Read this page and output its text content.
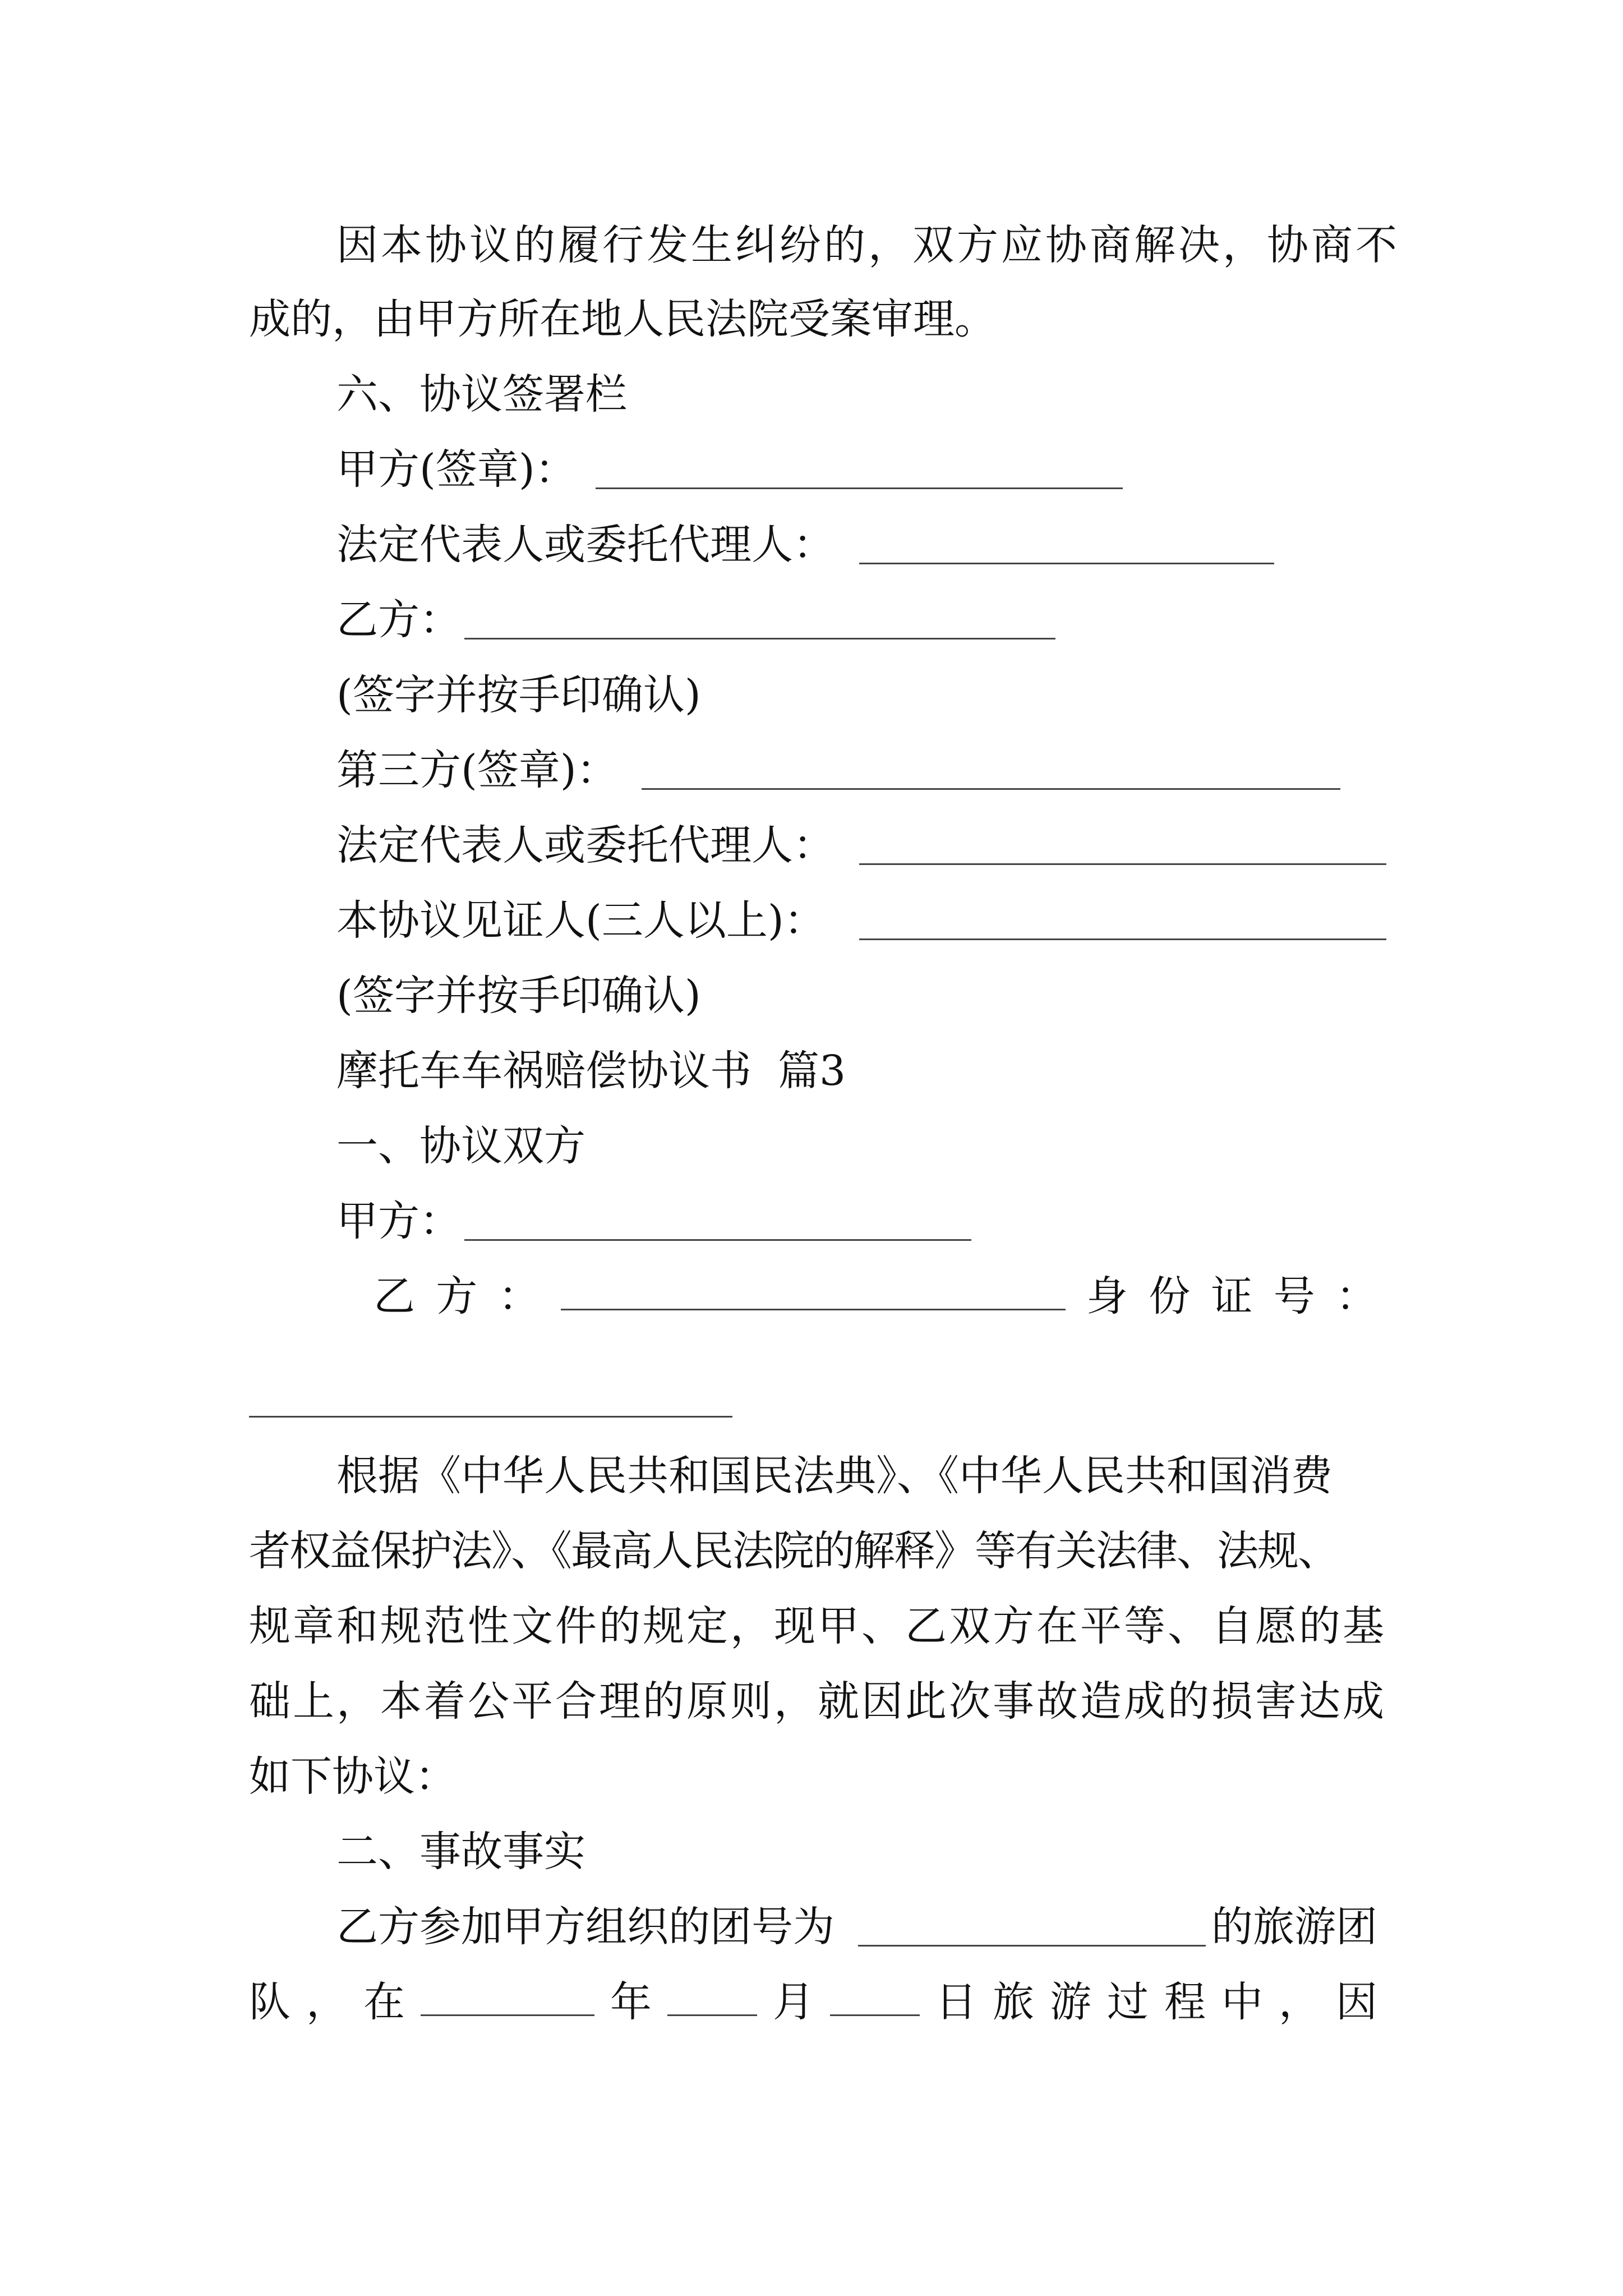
因本协议的履行发生纠纷的，双方应协商解决，协商不
成的，由甲方所在地人民法院受案审理。
六、协议签署栏
甲方(签章)：
法定代表人或委托代理人：
乙方：
(签字并按手印确认)
第三方(签章)：
法定代表人或委托代理人：
本协议见证人(三人以上)：
(签字并按手印确认)
摩托车车祸赔偿协议书  篇3
一、协议双方
甲方：
乙 方 ：	身 份 证 号 ：
根据《中华人民共和国民法典》、《中华人民共和国消费
者权益保护法》、《最高人民法院的解释》等有关法律、法规、
规章和规范性文件的规定，现甲、乙双方在平等、自愿的基
础上，本着公平合理的原则，就因此次事故造成的损害达成
如下协议：
二、事故事实
乙方参加甲方组织的团号为	的旅游团
队 ， 在	年	月	日 旅 游 过 程 中 ， 因
